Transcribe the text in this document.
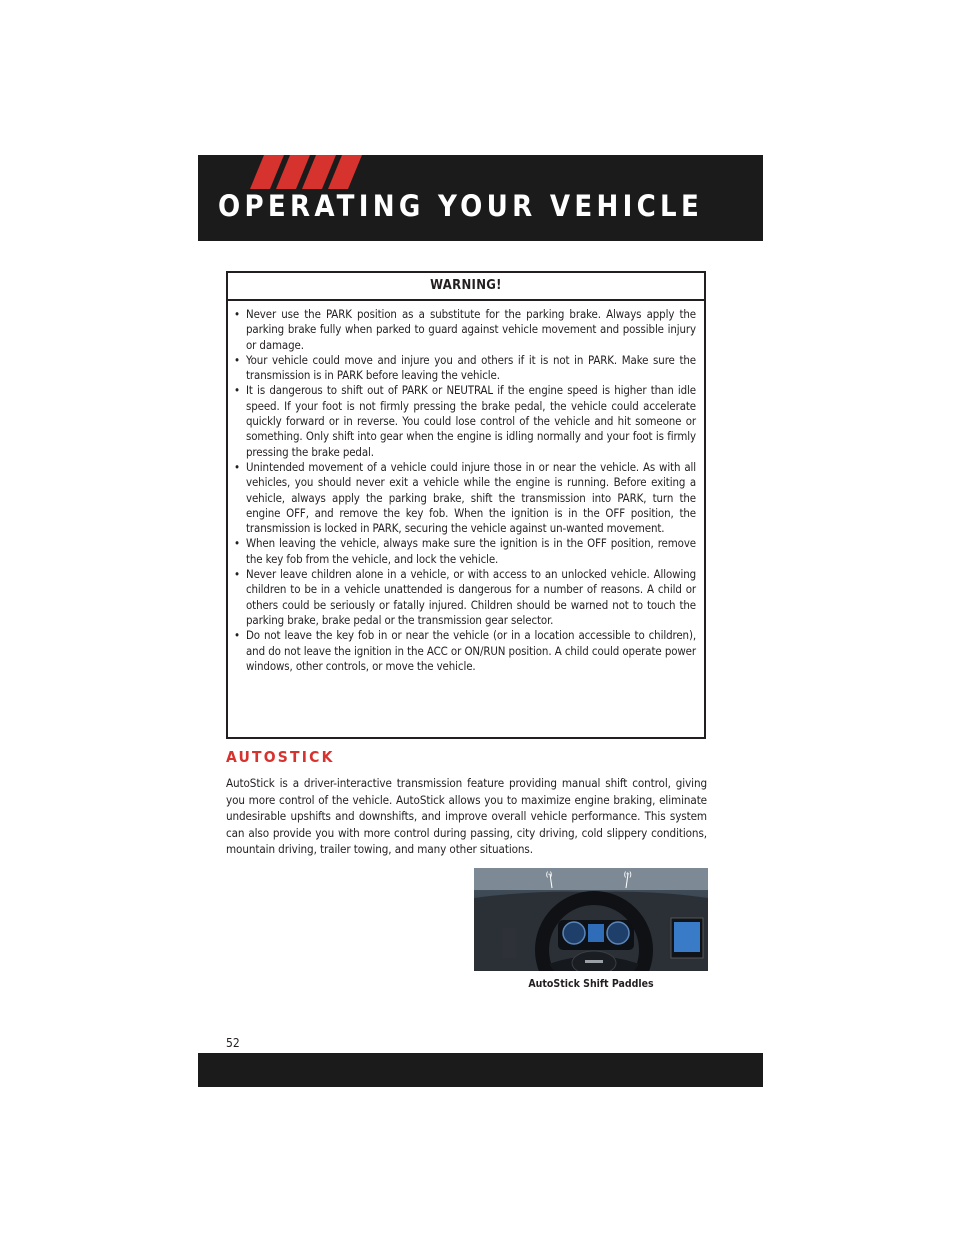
OPERATING YOUR VEHICLE
WARNING!
• Never use the PARK position as a substitute for the parking brake. Always apply the parking brake fully when parked to guard against vehicle movement and possible injury or damage.
• Your vehicle could move and injure you and others if it is not in PARK. Make sure the transmission is in PARK before leaving the vehicle.
• It is dangerous to shift out of PARK or NEUTRAL if the engine speed is higher than idle speed. If your foot is not firmly pressing the brake pedal, the vehicle could accelerate quickly forward or in reverse. You could lose control of the vehicle and hit someone or something. Only shift into gear when the engine is idling normally and your foot is firmly pressing the brake pedal.
• Unintended movement of a vehicle could injure those in or near the vehicle. As with all vehicles, you should never exit a vehicle while the engine is running. Before exiting a vehicle, always apply the parking brake, shift the transmission into PARK, turn the engine OFF, and remove the key fob. When the ignition is in the OFF position, the transmission is locked in PARK, securing the vehicle against un-wanted movement.
• When leaving the vehicle, always make sure the ignition is in the OFF position, remove the key fob from the vehicle, and lock the vehicle.
• Never leave children alone in a vehicle, or with access to an unlocked vehicle. Allowing children to be in a vehicle unattended is dangerous for a number of reasons. A child or others could be seriously or fatally injured. Children should be warned not to touch the parking brake, brake pedal or the transmission gear selector.
• Do not leave the key fob in or near the vehicle (or in a location accessible to children), and do not leave the ignition in the ACC or ON/RUN position. A child could operate power windows, other controls, or move the vehicle.
AUTOSTICK

AutoStick is a driver-interactive transmission feature providing manual shift control, giving you more control of the vehicle. AutoStick allows you to maximize engine braking, eliminate undesirable upshifts and downshifts, and improve overall vehicle performance. This system can also provide you with more control during passing, city driving, cold slippery conditions, mountain driving, trailer towing, and many other situations.

(-)	(+)
AutoStick Shift Paddles
52
